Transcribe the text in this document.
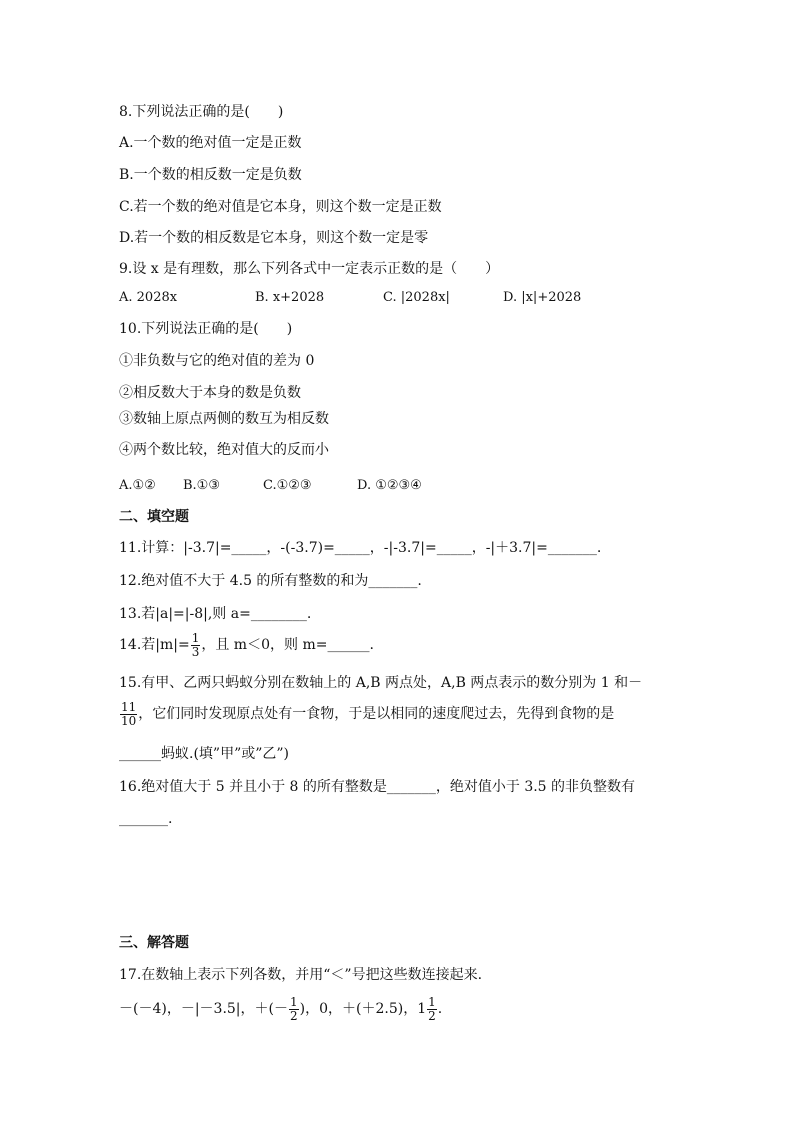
8.下列说法正确的是(　　)
A.一个数的绝对值一定是正数
B.一个数的相反数一定是负数
C.若一个数的绝对值是它本身，则这个数一定是正数
D.若一个数的相反数是它本身，则这个数一定是零
9.设 x 是有理数，那么下列各式中一定表示正数的是（　　）
A. 2028x	B. x+2028	C. |2028x|	D. |x|+2028
10.下列说法正确的是(　　)
①非负数与它的绝对值的差为 0
②相反数大于本身的数是负数
③数轴上原点两侧的数互为相反数
④两个数比较，绝对值大的反而小
A.①② B.①③	C.①②③	D. ①②③④
二、填空题
11.计算：|-3.7|=_____，-(-3.7)=_____，-|-3.7|=_____，-|＋3.7|=_______.
12.绝对值不大于 4.5 的所有整数的和为_______.
13.若|a|=|-8|,则 a=________.
14.若$|m|= \frac{1}{3}$ ，且 m＜0，则 m=______.
15.有甲、乙两只蚂蚁分别在数轴上的 A,B 两点处，A,B 两点表示的数分别为 1 和－
$\frac{11}{10}$ ，它们同时发现原点处有一食物，于是以相同的速度爬过去，先得到食物的是
______蚂蚁.(填”甲”或”乙”)
16.绝对值大于 5 并且小于 8 的所有整数是_______，绝对值小于 3.5 的非负整数有
_______.
三、解答题
17.在数轴上表示下列各数，并用“＜”号把这些数连接起来.
－(－4)，－|－3.5|，＋(－ $\frac{1}{2}$ )，0，＋(＋2.5)，$1 \frac{1}{2}$ .
